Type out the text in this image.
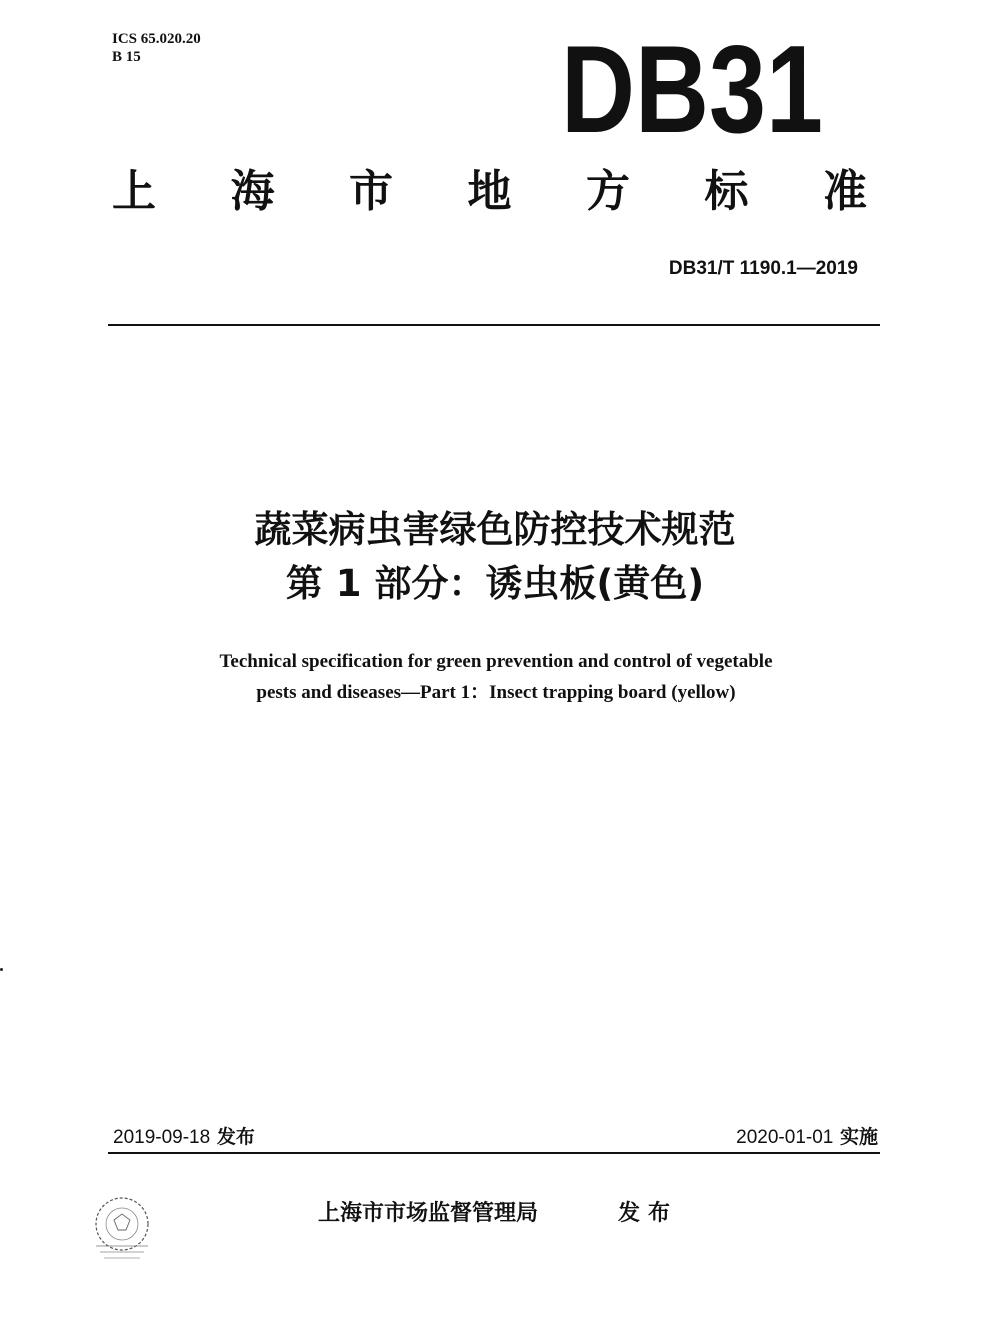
ICS 65.020.20
B 15	DB31
上 海 市 地 方 标 准
DB31/T 1190.1—2019
蔬菜病虫害绿色防控技术规范
第 1 部分：诱虫板(黄色)
Technical specification for green prevention and control of vegetable
pests and diseases—Part 1：Insect trapping board (yellow)
2019-09-18 发布	2020-01-01 实施
上海市市场监督管理局	发布
